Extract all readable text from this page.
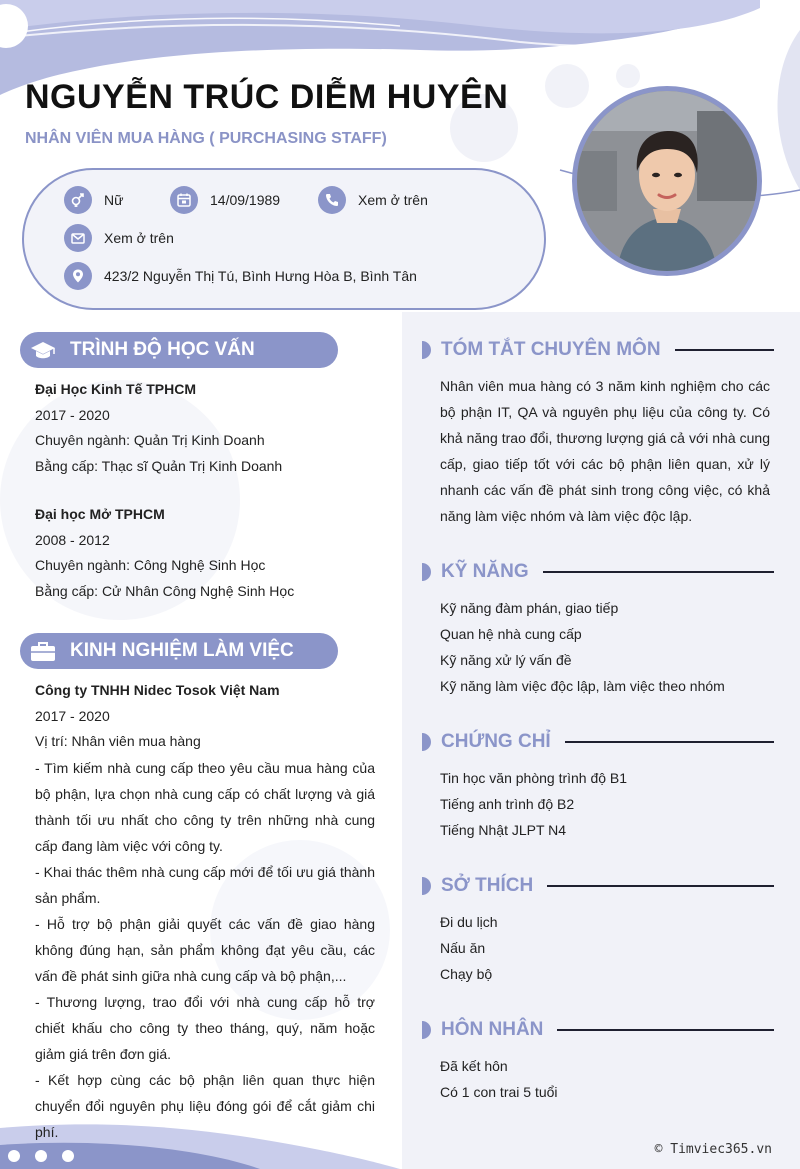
NGUYỄN TRÚC DIỄM HUYÊN
NHÂN VIÊN MUA HÀNG ( PURCHASING STAFF)
Nữ	14/09/1989	Xem ở trên
Xem ở trên
423/2 Nguyễn Thị Tú, Bình Hưng Hòa B, Bình Tân
TRÌNH ĐỘ HỌC VẤN
Đại Học Kinh Tế TPHCM
2017 - 2020
Chuyên ngành: Quản Trị Kinh Doanh
Bằng cấp: Thạc sĩ Quản Trị Kinh Doanh
Đại học Mở TPHCM
2008 - 2012
Chuyên ngành: Công Nghệ Sinh Học
Bằng cấp: Cử Nhân Công Nghệ Sinh Học
KINH NGHIỆM LÀM VIỆC
Công ty TNHH Nidec Tosok Việt Nam
2017 - 2020
Vị trí: Nhân viên mua hàng
- Tìm kiếm nhà cung cấp theo yêu cầu mua hàng của bộ phận, lựa chọn nhà cung cấp có chất lượng và giá thành tối ưu nhất cho công ty trên những nhà cung cấp đang làm việc với công ty.
- Khai thác thêm nhà cung cấp mới để tối ưu giá thành sản phẩm.
- Hỗ trợ bộ phận giải quyết các vấn đề giao hàng không đúng hạn, sản phẩm không đạt yêu cầu, các vấn đề phát sinh giữa nhà cung cấp và bộ phận,...
- Thương lượng, trao đổi với nhà cung cấp hỗ trợ chiết khấu cho công ty theo tháng, quý, năm hoặc giảm giá trên đơn giá.
- Kết hợp cùng các bộ phận liên quan thực hiện chuyển đổi nguyên phụ liệu đóng gói để cắt giảm chi phí.
TÓM TẮT CHUYÊN MÔN
Nhân viên mua hàng có 3 năm kinh nghiệm cho các bộ phận IT, QA và nguyên phụ liệu của công ty. Có khả năng trao đổi, thương lượng giá cả với nhà cung cấp, giao tiếp tốt với các bộ phận liên quan, xử lý nhanh các vấn đề phát sinh trong công việc, có khả năng làm việc nhóm và làm việc độc lập.
KỸ NĂNG
Kỹ năng đàm phán, giao tiếp
Quan hệ nhà cung cấp
Kỹ năng xử lý vấn đề
Kỹ năng làm việc độc lập, làm việc theo nhóm
CHỨNG CHỈ
Tin học văn phòng trình độ B1
Tiếng anh trình độ B2
Tiếng Nhật JLPT N4
SỞ THÍCH
Đi du lịch
Nấu ăn
Chạy bộ
HÔN NHÂN
Đã kết hôn
Có 1 con trai 5 tuổi
© Timviec365.vn
